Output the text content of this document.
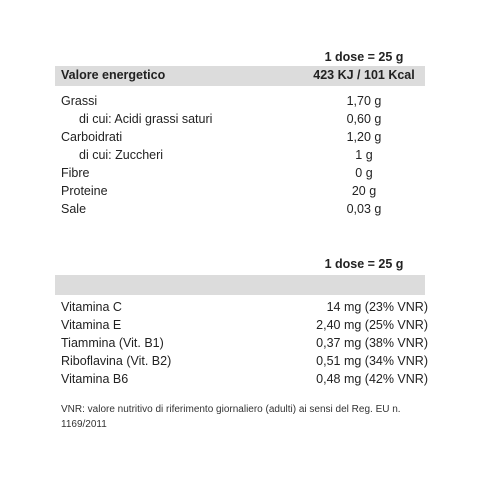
1 dose = 25 g
Valore energetico	423 KJ / 101 Kcal
Grassi	1,70 g
di cui: Acidi grassi saturi	0,60 g
Carboidrati	1,20 g
di cui: Zuccheri	1 g
Fibre	0 g
Proteine	20 g
Sale	0,03 g
1 dose = 25 g
Vitamina C	14 mg (23% VNR)
Vitamina E	2,40 mg (25% VNR)
Tiammina (Vit. B1)	0,37 mg (38% VNR)
Riboflavina (Vit. B2)	0,51 mg (34% VNR)
Vitamina B6	0,48 mg (42% VNR)
VNR: valore nutritivo di riferimento giornaliero (adulti) ai sensi del Reg. EU n. 1169/2011
